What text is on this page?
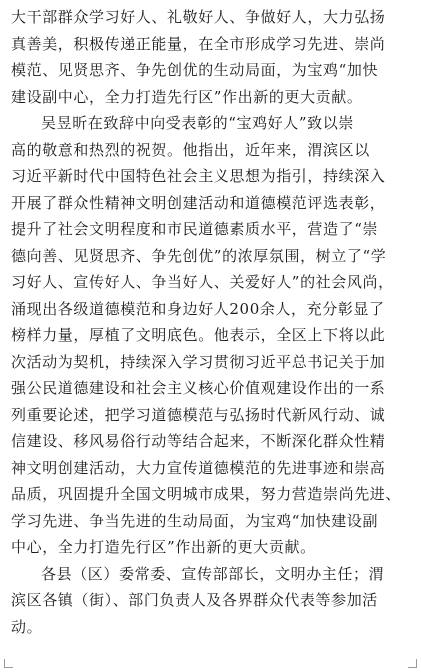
大干部群众学习好人、礼敬好人、争做好人，大力弘扬
真善美，积极传递正能量，在全市形成学习先进、崇尚
模范、见贤思齐、争先创优的生动局面，为宝鸡“加快
建设副中心，全力打造先行区”作出新的更大贡献。

吴昱昕在致辞中向受表彰的“宝鸡好人”致以崇
高的敬意和热烈的祝贺。他指出，近年来，渭滨区以
习近平新时代中国特色社会主义思想为指引，持续深入
开展了群众性精神文明创建活动和道德模范评选表彰，
提升了社会文明程度和市民道德素质水平，营造了“崇
德向善、见贤思齐、争先创优”的浓厚氛围，树立了“学
习好人、宣传好人、争当好人、关爱好人”的社会风尚，
涌现出各级道德模范和身边好人200余人，充分彰显了
榜样力量，厚植了文明底色。他表示，全区上下将以此
次活动为契机，持续深入学习贯彻习近平总书记关于加
强公民道德建设和社会主义核心价值观建设作出的一系
列重要论述，把学习道德模范与弘扬时代新风行动、诚
信建设、移风易俗行动等结合起来，不断深化群众性精
神文明创建活动，大力宣传道德模范的先进事迹和崇高
品质，巩固提升全国文明城市成果，努力营造崇尚先进、
学习先进、争当先进的生动局面，为宝鸡“加快建设副
中心，全力打造先行区”作出新的更大贡献。

各县（区）委常委、宣传部部长，文明办主任；渭
滨区各镇（街）、部门负责人及各界群众代表等参加活
动。
